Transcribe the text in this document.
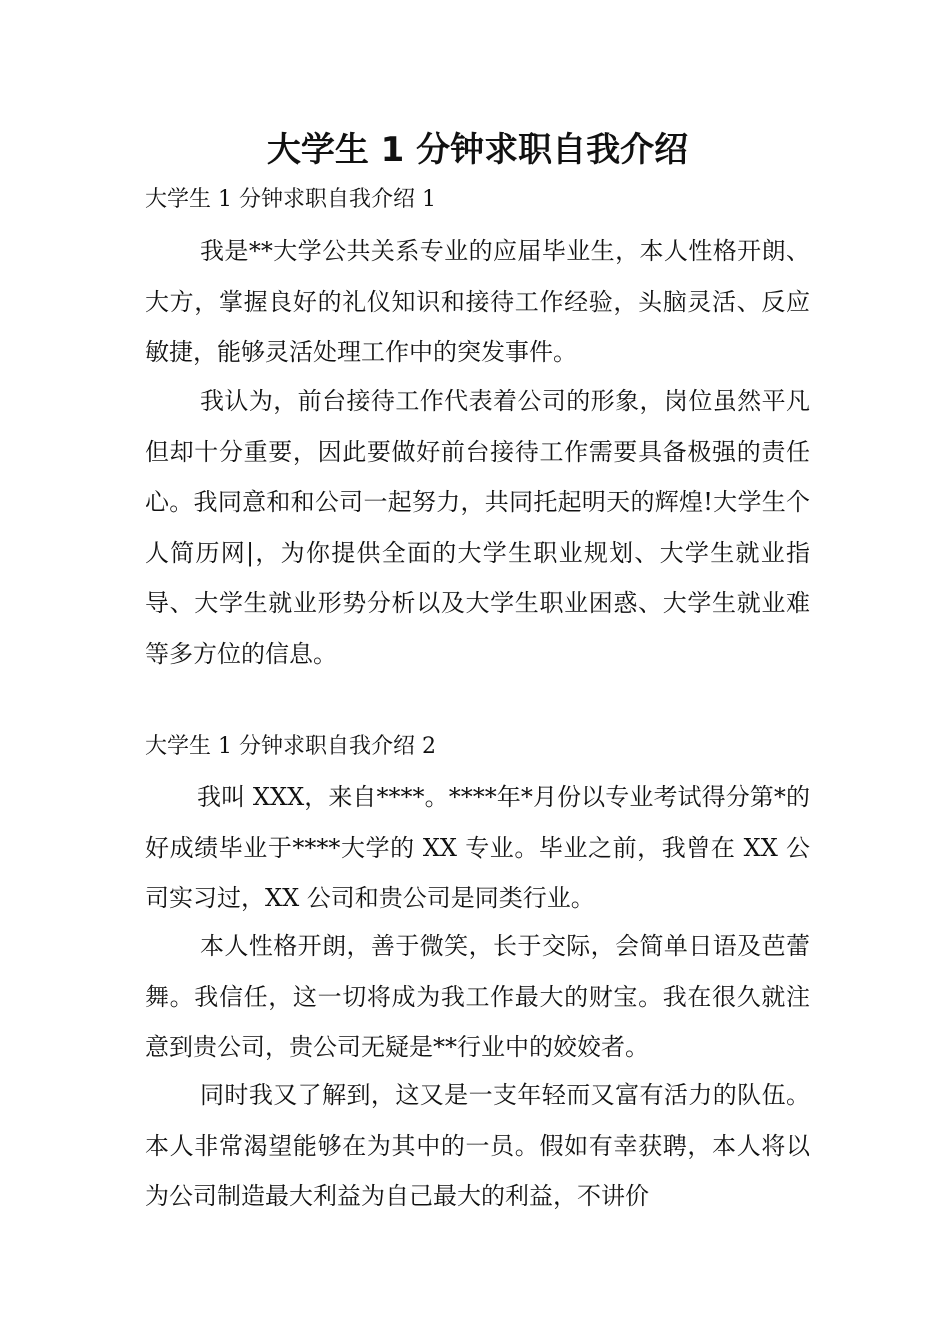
大学生 1 分钟求职自我介绍

大学生 1 分钟求职自我介绍 1

我是**大学公共关系专业的应届毕业生，本人性格开朗、大方，掌握良好的礼仪知识和接待工作经验，头脑灵活、反应敏捷，能够灵活处理工作中的突发事件。

我认为，前台接待工作代表着公司的形象，岗位虽然平凡但却十分重要，因此要做好前台接待工作需要具备极强的责任心。我同意和和公司一起努力，共同托起明天的辉煌!大学生个人简历网|，为你提供全面的大学生职业规划、大学生就业指导、大学生就业形势分析以及大学生职业困惑、大学生就业难等多方位的信息。

大学生 1 分钟求职自我介绍 2

我叫 XXX，来自****。****年*月份以专业考试得分第*的好成绩毕业于****大学的 XX 专业。毕业之前，我曾在 XX 公司实习过，XX 公司和贵公司是同类行业。

本人性格开朗，善于微笑，长于交际，会简单日语及芭蕾舞。我信任，这一切将成为我工作最大的财宝。我在很久就注意到贵公司，贵公司无疑是**行业中的姣姣者。

同时我又了解到，这又是一支年轻而又富有活力的队伍。本人非常渴望能够在为其中的一员。假如有幸获聘，本人将以为公司制造最大利益为自己最大的利益，不讲价
